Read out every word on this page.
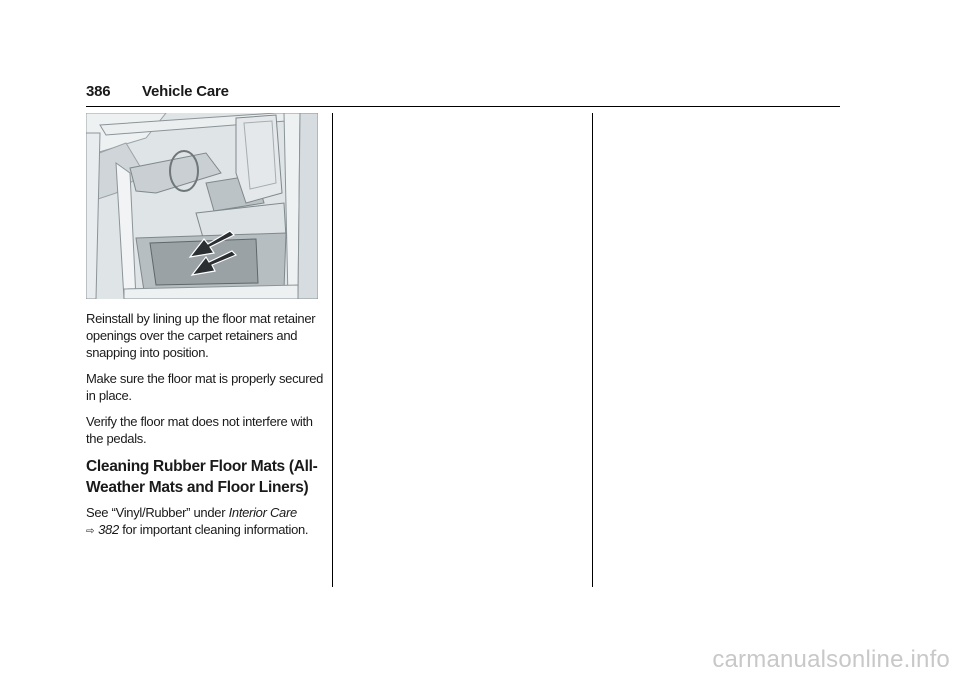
386 Vehicle Care

Reinstall by lining up the floor mat retainer openings over the carpet retainers and snapping into position.

Make sure the floor mat is properly secured in place.

Verify the floor mat does not interfere with the pedals.

Cleaning Rubber Floor Mats (All-Weather Mats and Floor Liners)

See “Vinyl/Rubber” under Interior Care
⇨ 382 for important cleaning information.

carmanualsonline.info
